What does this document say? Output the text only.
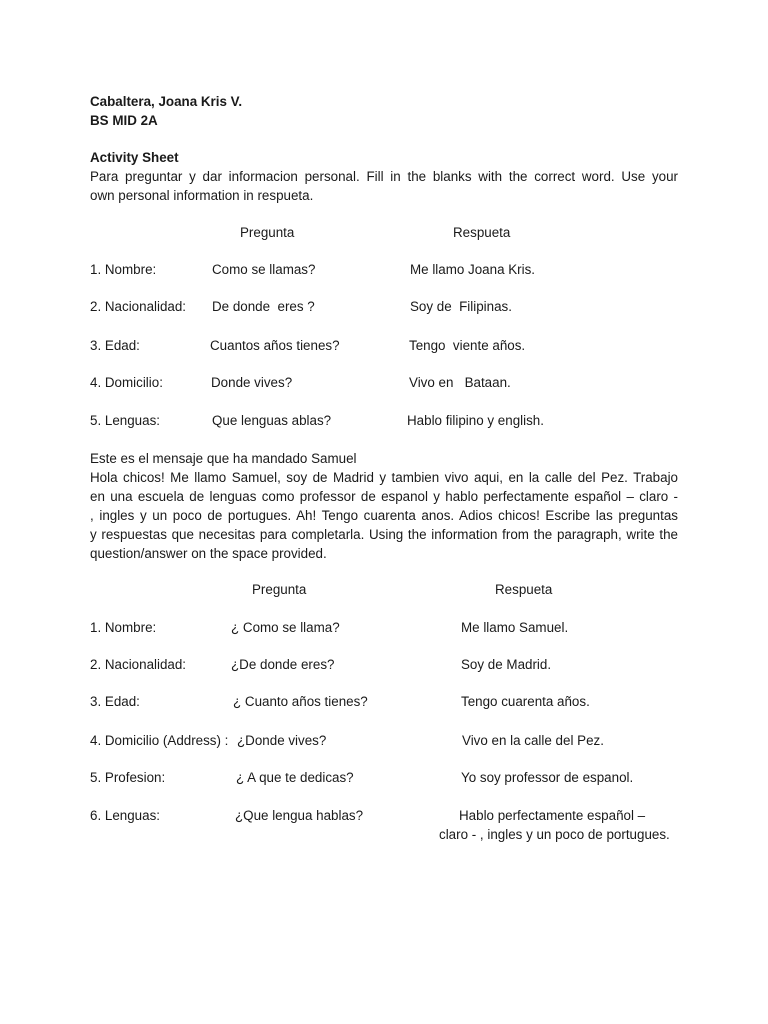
Cabaltera, Joana Kris V.
BS MID 2A
Activity Sheet
Para preguntar y dar informacion personal. Fill in the blanks with the correct word. Use your
own personal information in respueta.
Pregunta	Respueta
1. Nombre:	Como se llamas?	Me llamo Joana Kris.
2. Nacionalidad: De donde  eres ?	Soy de  Filipinas.
3. Edad:	Cuantos años tienes?	Tengo  viente años.
4. Domicilio:	Donde vives?	Vivo en   Bataan.
5. Lenguas:	Que lenguas ablas?	Hablo filipino y english.
Este es el mensaje que ha mandado Samuel
Hola chicos! Me llamo Samuel, soy de Madrid y tambien vivo aqui, en la calle del Pez. Trabajo
en una escuela de lenguas como professor de espanol y hablo perfectamente español – claro -
, ingles y un poco de portugues. Ah! Tengo cuarenta anos. Adios chicos! Escribe las preguntas
y respuestas que necesitas para completarla. Using the information from the paragraph, write the
question/answer on the space provided.
Pregunta	Respueta
1. Nombre:	¿ Como se llama?	Me llamo Samuel.
2. Nacionalidad:	¿De donde eres?	Soy de Madrid.
3. Edad:	¿ Cuanto años tienes?	Tengo cuarenta años.
4. Domicilio (Address) : ¿Donde vives?	Vivo en la calle del Pez.
5. Profesion:	¿ A que te dedicas?	Yo soy professor de espanol.
6. Lenguas:	¿Que lengua hablas?	Hablo perfectamente español –
claro - , ingles y un poco de portugues.
